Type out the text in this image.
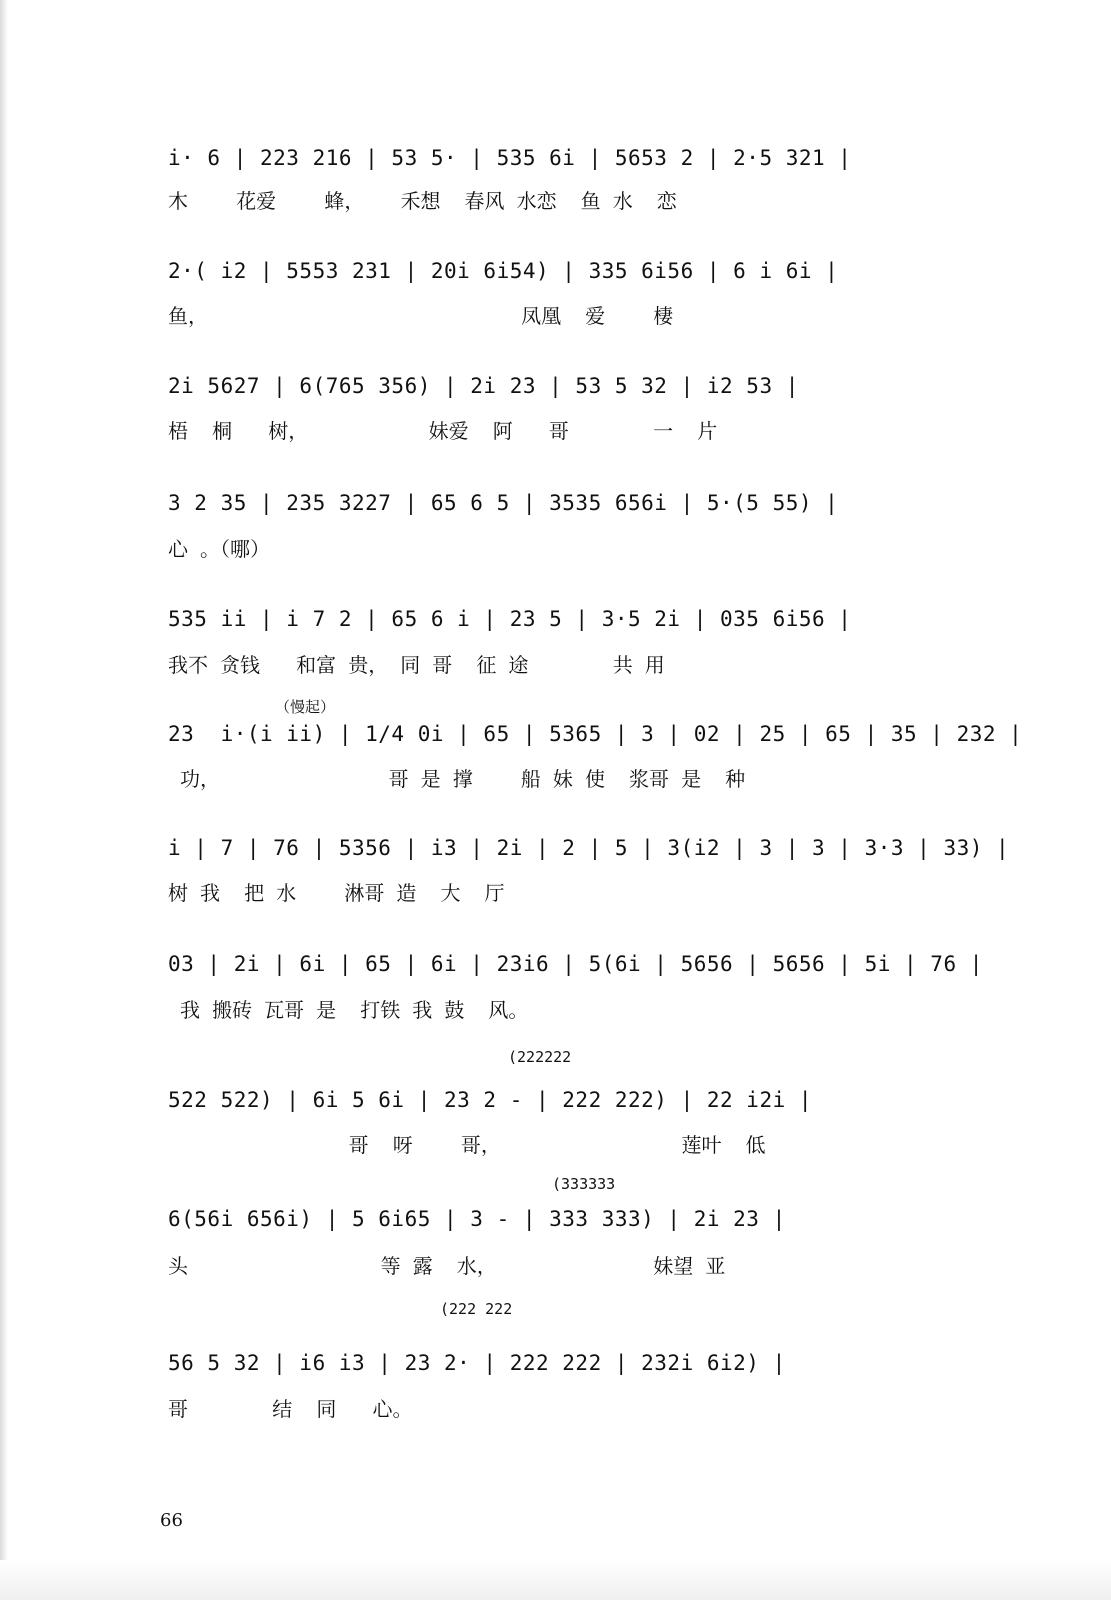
i· 6 | 223 216 | 53 5· | 535 6i | 5653 2 | 2·5 321 |
木    花爱    蜂，   禾想  春风 水恋  鱼 水  恋
2·( i2 | 5553 231 | 20i 6i54) | 335 6i56 | 6 i 6i |
鱼，                          凤凰  爱    棲
2i 5627 | 6(765 356) | 2i 23 | 53 5 32 | i2 53 |
梧  桐   树，          妹爱  阿   哥       一  片
3 2 35 | 235 3227 | 65 6 5 | 3535 656i | 5·(5 55) |
心 。（哪）
535 ii | i 7 2 | 65 6 i | 23 5 | 3·5 2i | 035 6i56 |
我不 贪钱   和富 贵， 同 哥  征 途       共 用
（慢起）
23  i·(i ii) | 1/4 0i | 65 | 5365 | 3 | 02 | 25 | 65 | 35 | 232 |
功，              哥 是 撑    船 妹 使  浆哥 是  种
i | 7 | 76 | 5356 | i3 | 2i | 2 | 5 | 3(i2 | 3 | 3 | 3·3 | 33) |
树 我  把 水    淋哥 造  大  厅
03 | 2i | 6i | 65 | 6i | 23i6 | 5(6i | 5656 | 5656 | 5i | 76 |
我 搬砖 瓦哥 是  打铁 我 鼓  风。
(222222
522 522) | 6i 5 6i | 23 2 - | 222 222) | 22 i2i |
哥  呀    哥，               莲叶  低
(333333
6(56i 656i) | 5 6i65 | 3 - | 333 333) | 2i 23 |
头                等 露  水，             妹望 亚
(222 222
56 5 32 | i6 i3 | 23 2· | 222 222 | 232i 6i2) |
哥       结  同   心。
66
